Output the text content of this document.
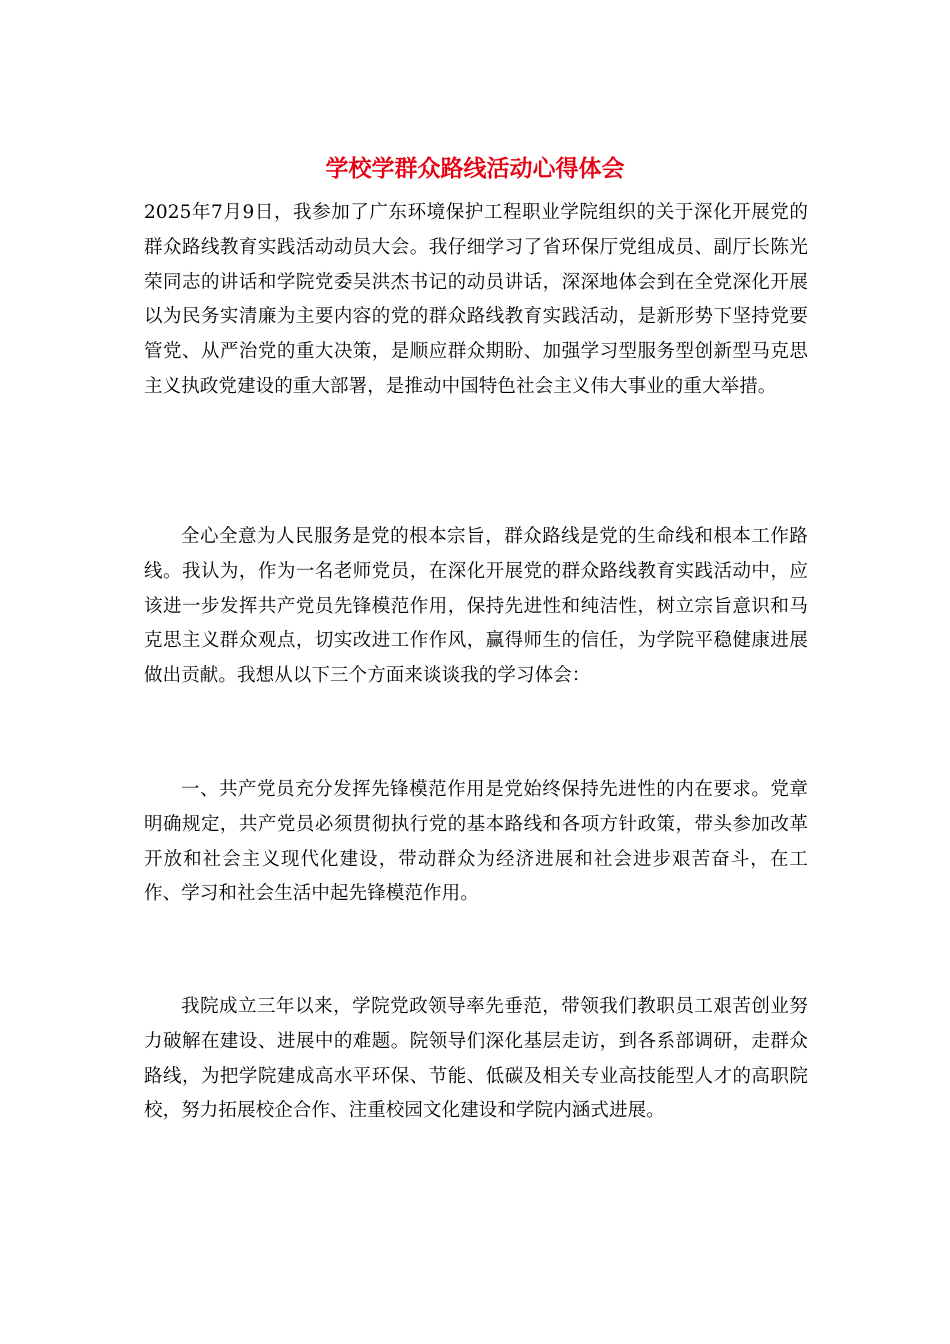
学校学群众路线活动心得体会

2025年7月9日，我参加了广东环境保护工程职业学院组织的关于深化开展党的群众路线教育实践活动动员大会。我仔细学习了省环保厅党组成员、副厅长陈光荣同志的讲话和学院党委吴洪杰书记的动员讲话，深深地体会到在全党深化开展以为民务实清廉为主要内容的党的群众路线教育实践活动，是新形势下坚持党要管党、从严治党的重大决策，是顺应群众期盼、加强学习型服务型创新型马克思主义执政党建设的重大部署，是推动中国特色社会主义伟大事业的重大举措。

全心全意为人民服务是党的根本宗旨，群众路线是党的生命线和根本工作路线。我认为，作为一名老师党员，在深化开展党的群众路线教育实践活动中，应该进一步发挥共产党员先锋模范作用，保持先进性和纯洁性，树立宗旨意识和马克思主义群众观点，切实改进工作作风，赢得师生的信任，为学院平稳健康进展做出贡献。我想从以下三个方面来谈谈我的学习体会：

一、共产党员充分发挥先锋模范作用是党始终保持先进性的内在要求。党章明确规定，共产党员必须贯彻执行党的基本路线和各项方针政策，带头参加改革开放和社会主义现代化建设，带动群众为经济进展和社会进步艰苦奋斗，在工作、学习和社会生活中起先锋模范作用。

我院成立三年以来，学院党政领导率先垂范，带领我们教职员工艰苦创业努力破解在建设、进展中的难题。院领导们深化基层走访，到各系部调研，走群众路线，为把学院建成高水平环保、节能、低碳及相关专业高技能型人才的高职院校，努力拓展校企合作、注重校园文化建设和学院内涵式进展。
